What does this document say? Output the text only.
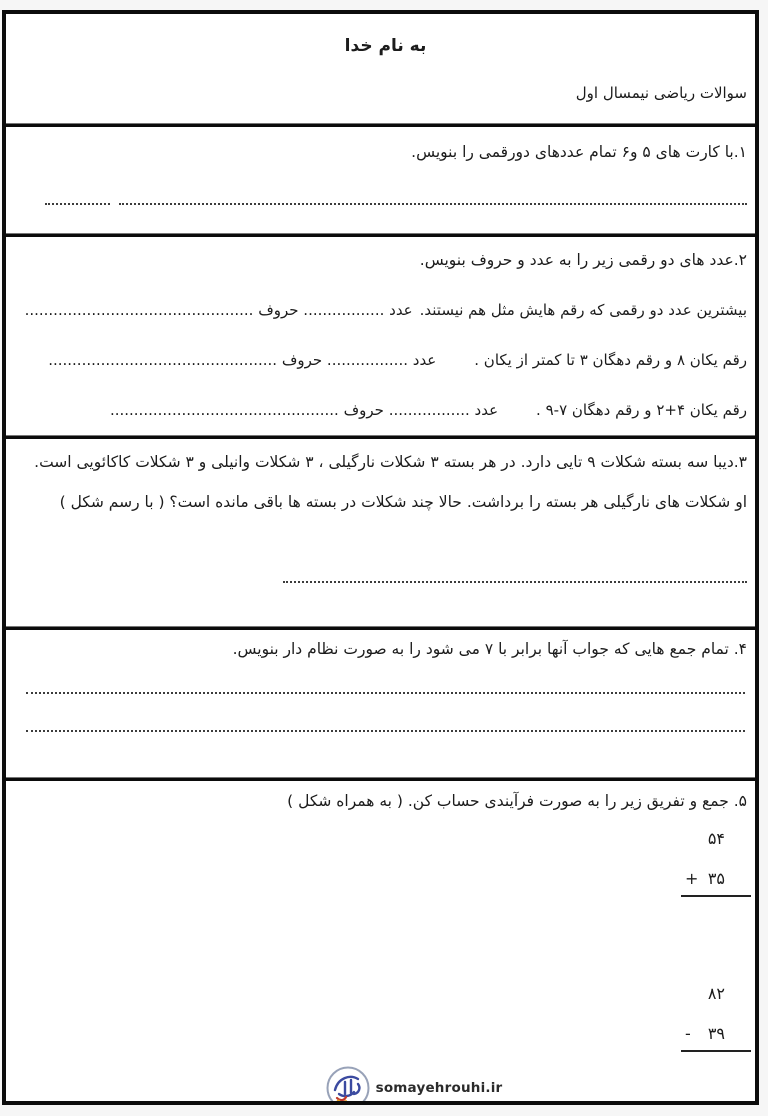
به نام خدا
سوالات ریاضی نیمسال اول
۱.با کارت های ۵ و۶ تمام عددهای دورقمی را بنویس.
۲.عدد های دو رقمی زیر را به عدد و حروف بنویس.
بیشترین عدد دو رقمی که رقم هایش مثل هم نیستند.عدد ................. حروف ................................................
رقم یکان ۸ و رقم دهگان ۳ تا کمتر از یکان .عدد ................. حروف ................................................
رقم یکان ۴+۲ و رقم دهگان ۷-۹ .عدد ................. حروف ................................................
۳.دیبا سه بسته شکلات ۹ تایی دارد. در هر بسته ۳ شکلات نارگیلی ، ۳ شکلات وانیلی و ۳ شکلات کاکائویی است.
او شکلات های نارگیلی هر بسته را برداشت. حالا چند شکلات در بسته ها باقی مانده است؟ ( با رسم شکل )
۴. تمام جمع هایی که جواب آنها برابر با ۷ می شود را به صورت نظام دار بنویس.
۵. جمع و تفریق زیر را به صورت فرآیندی حساب کن. ( به همراه شکل )
۵۴
+ ۳۵
۸۲
- ۳۹
somayehrouhi.ir
